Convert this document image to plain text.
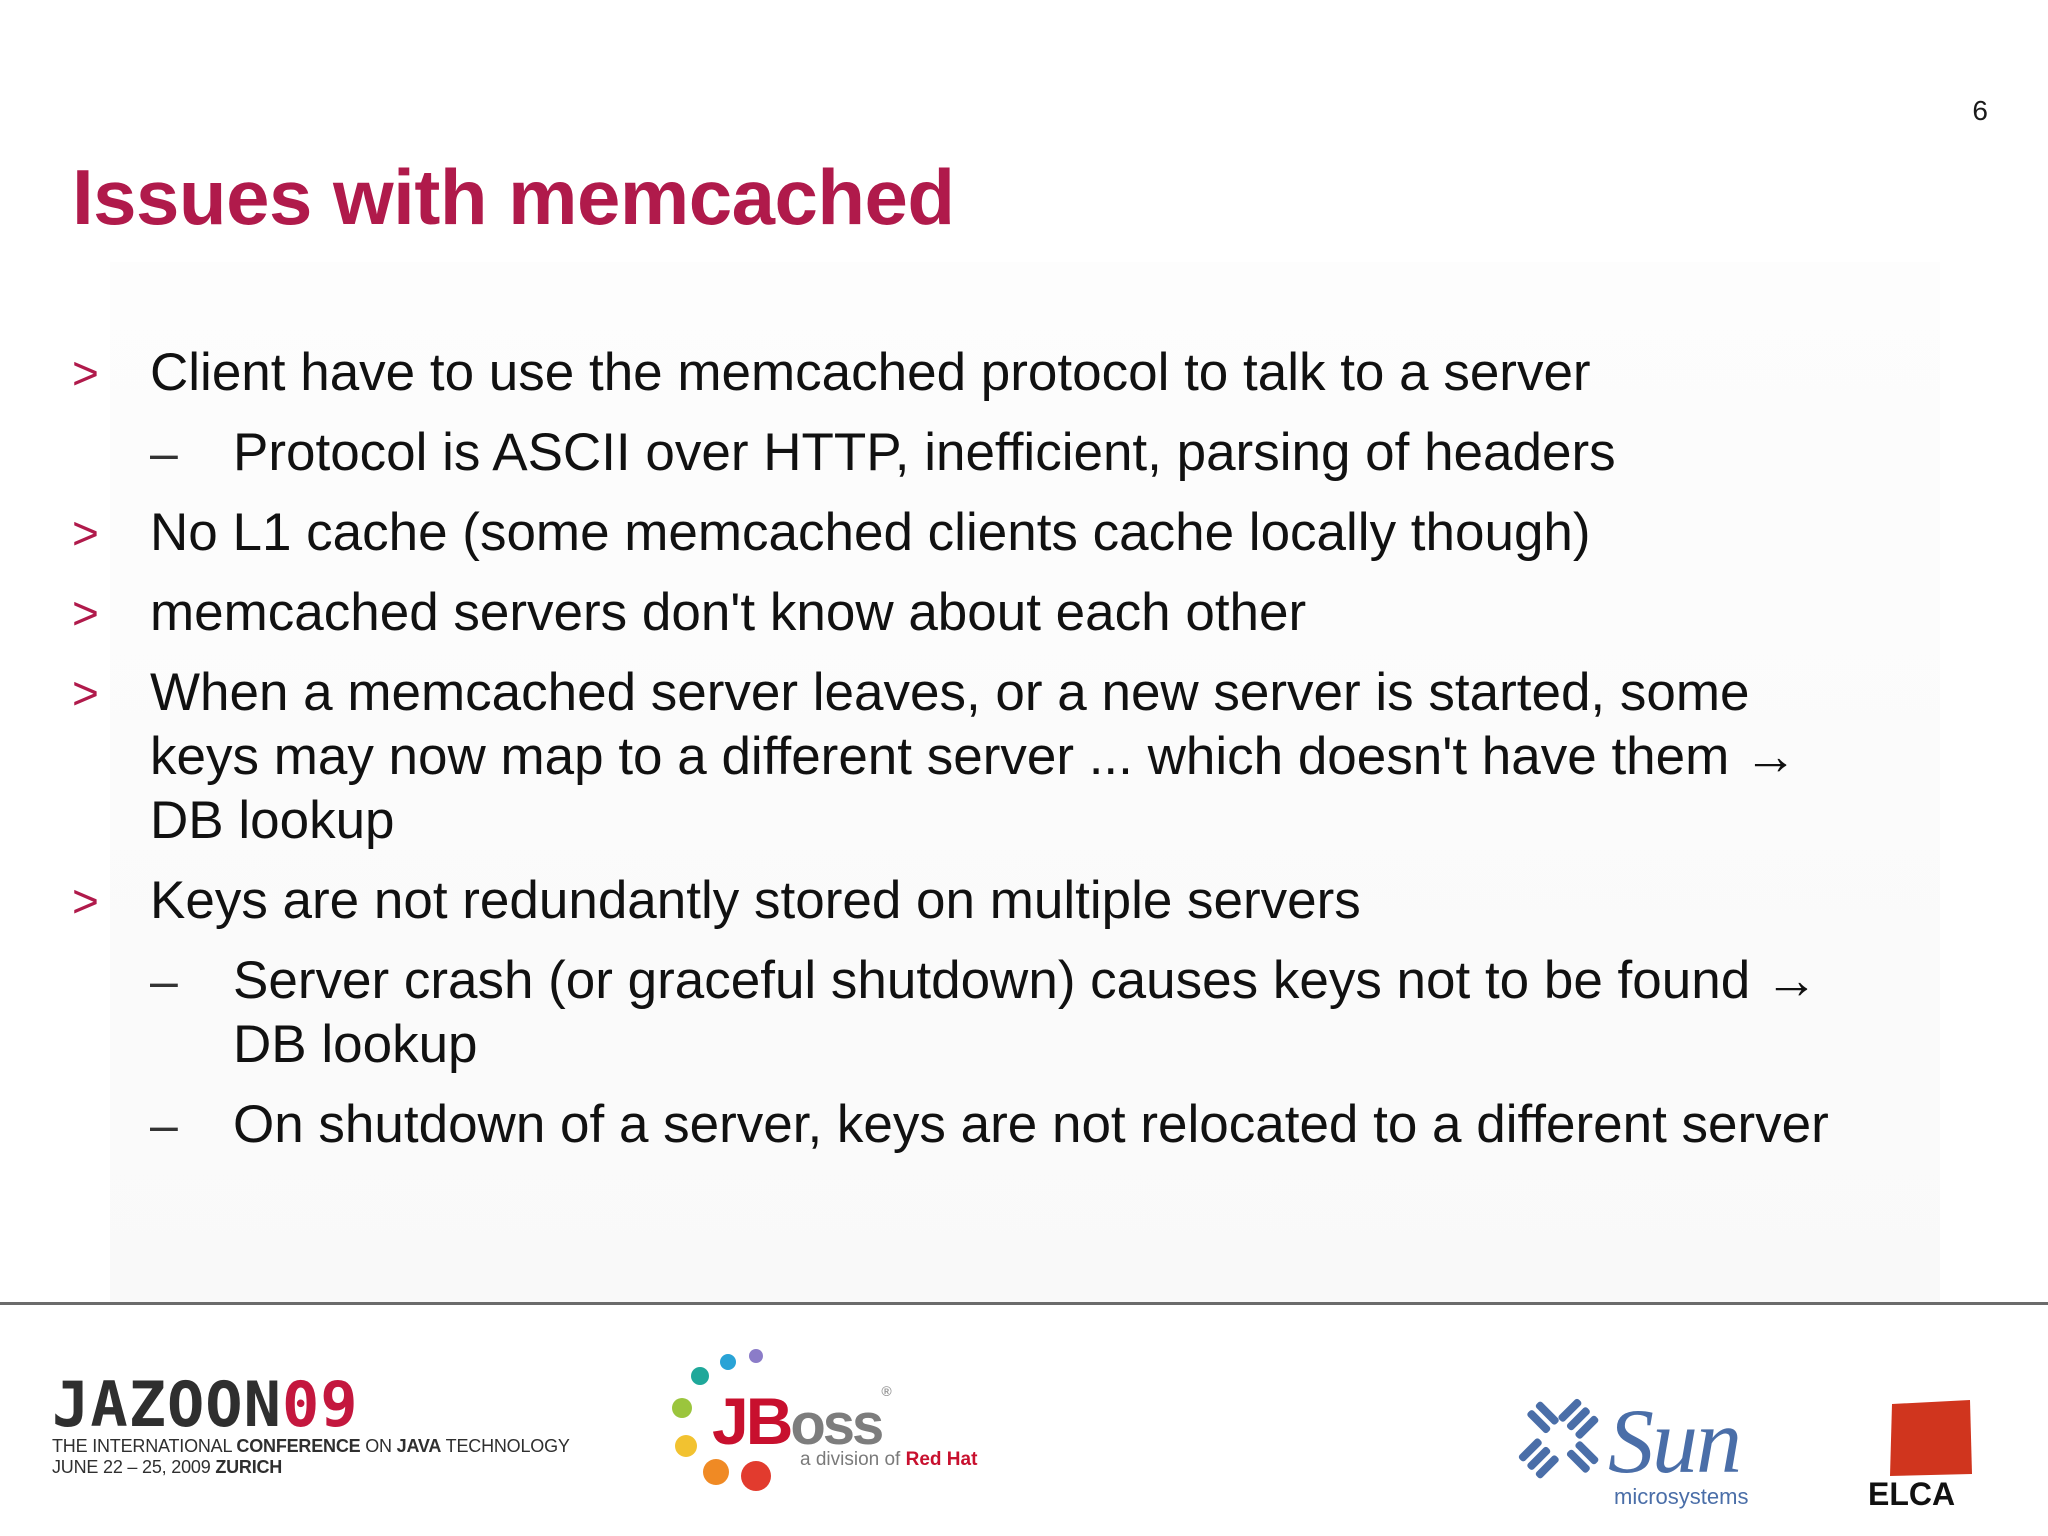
6
Issues with memcached
> Client have to use the memcached protocol to talk to a server
– Protocol is ASCII over HTTP, inefficient, parsing of headers
> No L1 cache (some memcached clients cache locally though)
> memcached servers don't know about each other
> When a memcached server leaves, or a new server is started, some
keys may now map to a different server ... which doesn't have them →
DB lookup
> Keys are not redundantly stored on multiple servers
– Server crash (or graceful shutdown) causes keys not to be found →
DB lookup
– On shutdown of a server, keys are not relocated to a different server
JAZOON09
THE INTERNATIONAL CONFERENCE ON JAVA TECHNOLOGY
JUNE 22 – 25, 2009 ZURICH
JBoss®
a division of Red Hat	Sun
microsystems	ELCA
